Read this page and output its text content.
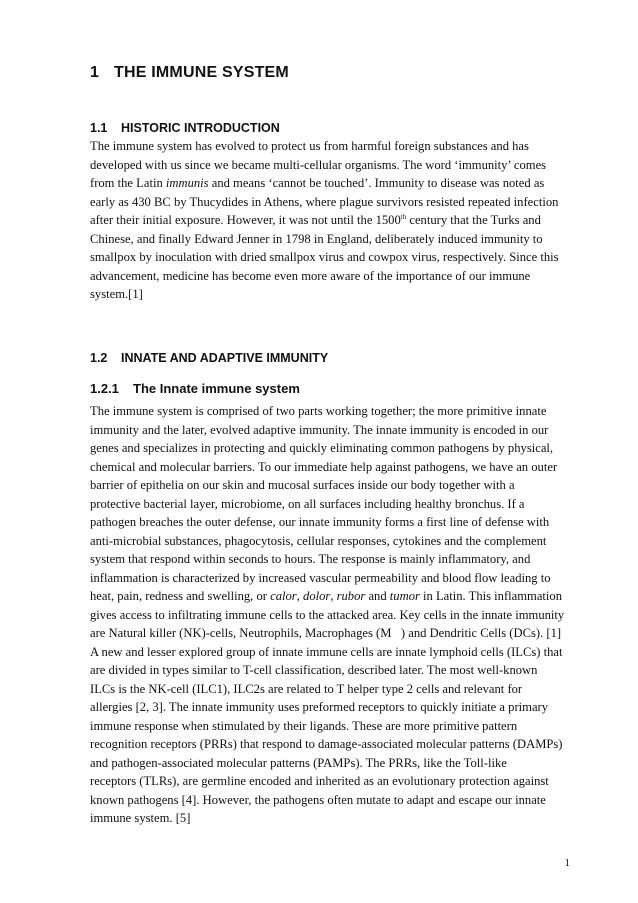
1 THE IMMUNE SYSTEM
1.1 HISTORIC INTRODUCTION
The immune system has evolved to protect us from harmful foreign substances and has
developed with us since we became multi-cellular organisms. The word ‘immunity’ comes
from the Latin immunis and means ‘cannot be touched’. Immunity to disease was noted as
early as 430 BC by Thucydides in Athens, where plague survivors resisted repeated infection
after their initial exposure. However, it was not until the 1500th century that the Turks and
Chinese, and finally Edward Jenner in 1798 in England, deliberately induced immunity to
smallpox by inoculation with dried smallpox virus and cowpox virus, respectively. Since this
advancement, medicine has become even more aware of the importance of our immune
system.[1]
1.2 INNATE AND ADAPTIVE IMMUNITY
1.2.1 The Innate immune system
The immune system is comprised of two parts working together; the more primitive innate
immunity and the later, evolved adaptive immunity. The innate immunity is encoded in our
genes and specializes in protecting and quickly eliminating common pathogens by physical,
chemical and molecular barriers. To our immediate help against pathogens, we have an outer
barrier of epithelia on our skin and mucosal surfaces inside our body together with a
protective bacterial layer, microbiome, on all surfaces including healthy bronchus. If a
pathogen breaches the outer defense, our innate immunity forms a first line of defense with
anti-microbial substances, phagocytosis, cellular responses, cytokines and the complement
system that respond within seconds to hours. The response is mainly inflammatory, and
inflammation is characterized by increased vascular permeability and blood flow leading to
heat, pain, redness and swelling, or calor, dolor, rubor and tumor in Latin. This inflammation
gives access to infiltrating immune cells to the attacked area. Key cells in the innate immunity
are Natural killer (NK)-cells, Neutrophils, Macrophages (M   ) and Dendritic Cells (DCs). [1]
A new and lesser explored group of innate immune cells are innate lymphoid cells (ILCs) that
are divided in types similar to T-cell classification, described later. The most well-known
ILCs is the NK-cell (ILC1), ILC2s are related to T helper type 2 cells and relevant for
allergies [2, 3]. The innate immunity uses preformed receptors to quickly initiate a primary
immune response when stimulated by their ligands. These are more primitive pattern
recognition receptors (PRRs) that respond to damage-associated molecular patterns (DAMPs)
and pathogen-associated molecular patterns (PAMPs). The PRRs, like the Toll-like
receptors (TLRs), are germline encoded and inherited as an evolutionary protection against
known pathogens [4]. However, the pathogens often mutate to adapt and escape our innate
immune system. [5]
1
